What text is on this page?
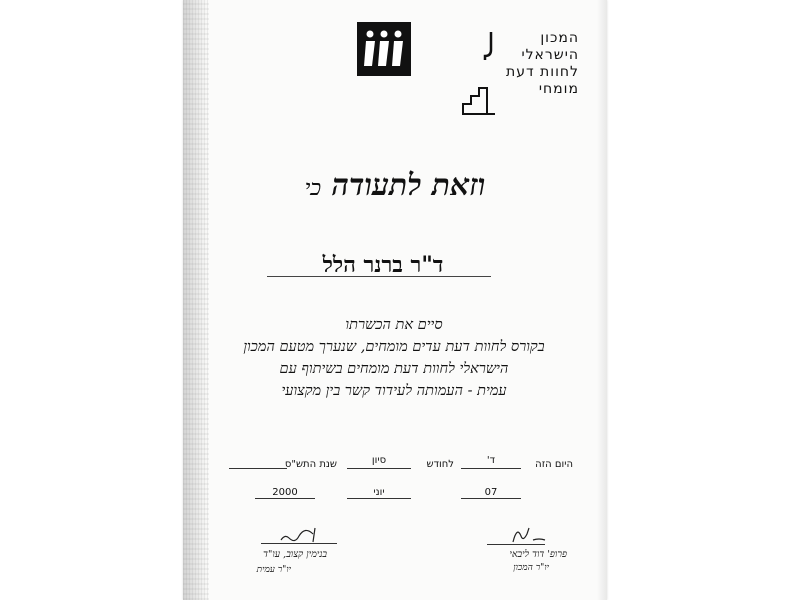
המכון
הישראלי
לחוות דעת
מומחי
וזאת לתעודה כי
ד"ר ברנר הלל
סיים את הכשרתו
בקורס לחוות דעת עדים מומחים, שנערך מטעם המכון
הישראלי לחוות דעת מומחים בשיתוף עם
עמית - העמותה לעידוד קשר בין מקצועי
היום הזה
ד'
לחודש
סיון
שנת התש"ס
07
יוני
2000
פרופ' דוד ליבאי
יו"ר המכון
בנימין קצוב, עו"ד
יו"ר עמית
